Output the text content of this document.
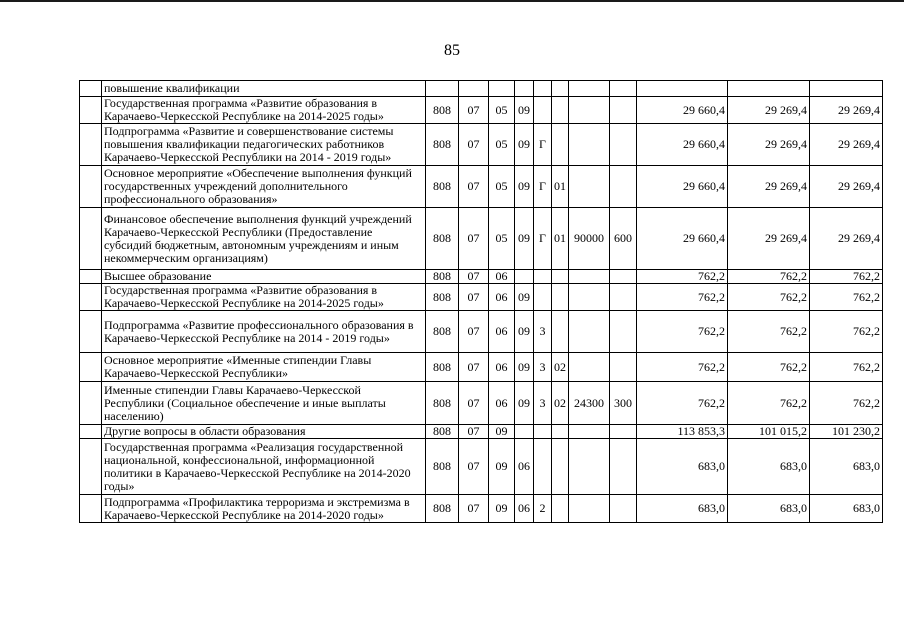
85
	повышение квалификации											
	Государственная программа «Развитие образования в Карачаево-Черкесской Республике на 2014-2025 годы»	808	07	05	09					29 660,4	29 269,4	29 269,4
	Подпрограмма «Развитие и совершенствование системы повышения квалификации педагогических работников Карачаево-Черкесской Республики на 2014 - 2019 годы»	808	07	05	09	Г				29 660,4	29 269,4	29 269,4
	Основное мероприятие «Обеспечение выполнения функций государственных учреждений дополнительного профессионального образования»	808	07	05	09	Г	01			29 660,4	29 269,4	29 269,4
	Финансовое обеспечение выполнения функций учреждений Карачаево-Черкесской Республики (Предоставление субсидий бюджетным, автономным учреждениям и иным некоммерческим организациям)	808	07	05	09	Г	01	90000	600	29 660,4	29 269,4	29 269,4
	Высшее образование	808	07	06						762,2	762,2	762,2
	Государственная программа «Развитие образования в Карачаево-Черкесской Республике на 2014-2025 годы»	808	07	06	09					762,2	762,2	762,2
	Подпрограмма «Развитие профессионального образования в Карачаево-Черкесской Республике на 2014 - 2019 годы»	808	07	06	09	3				762,2	762,2	762,2
	Основное мероприятие «Именные стипендии Главы Карачаево-Черкесской Республики»	808	07	06	09	3	02			762,2	762,2	762,2
	Именные стипендии Главы Карачаево-Черкесской Республики (Социальное обеспечение и иные выплаты населению)	808	07	06	09	3	02	24300	300	762,2	762,2	762,2
	Другие вопросы в области образования	808	07	09						113 853,3	101 015,2	101 230,2
	Государственная программа «Реализация государственной национальной, конфессиональной, информационной политики в Карачаево-Черкесской Республике на 2014-2020 годы»	808	07	09	06					683,0	683,0	683,0
	Подпрограмма «Профилактика терроризма и экстремизма в Карачаево-Черкесской Республике на 2014-2020 годы»	808	07	09	06	2				683,0	683,0	683,0
